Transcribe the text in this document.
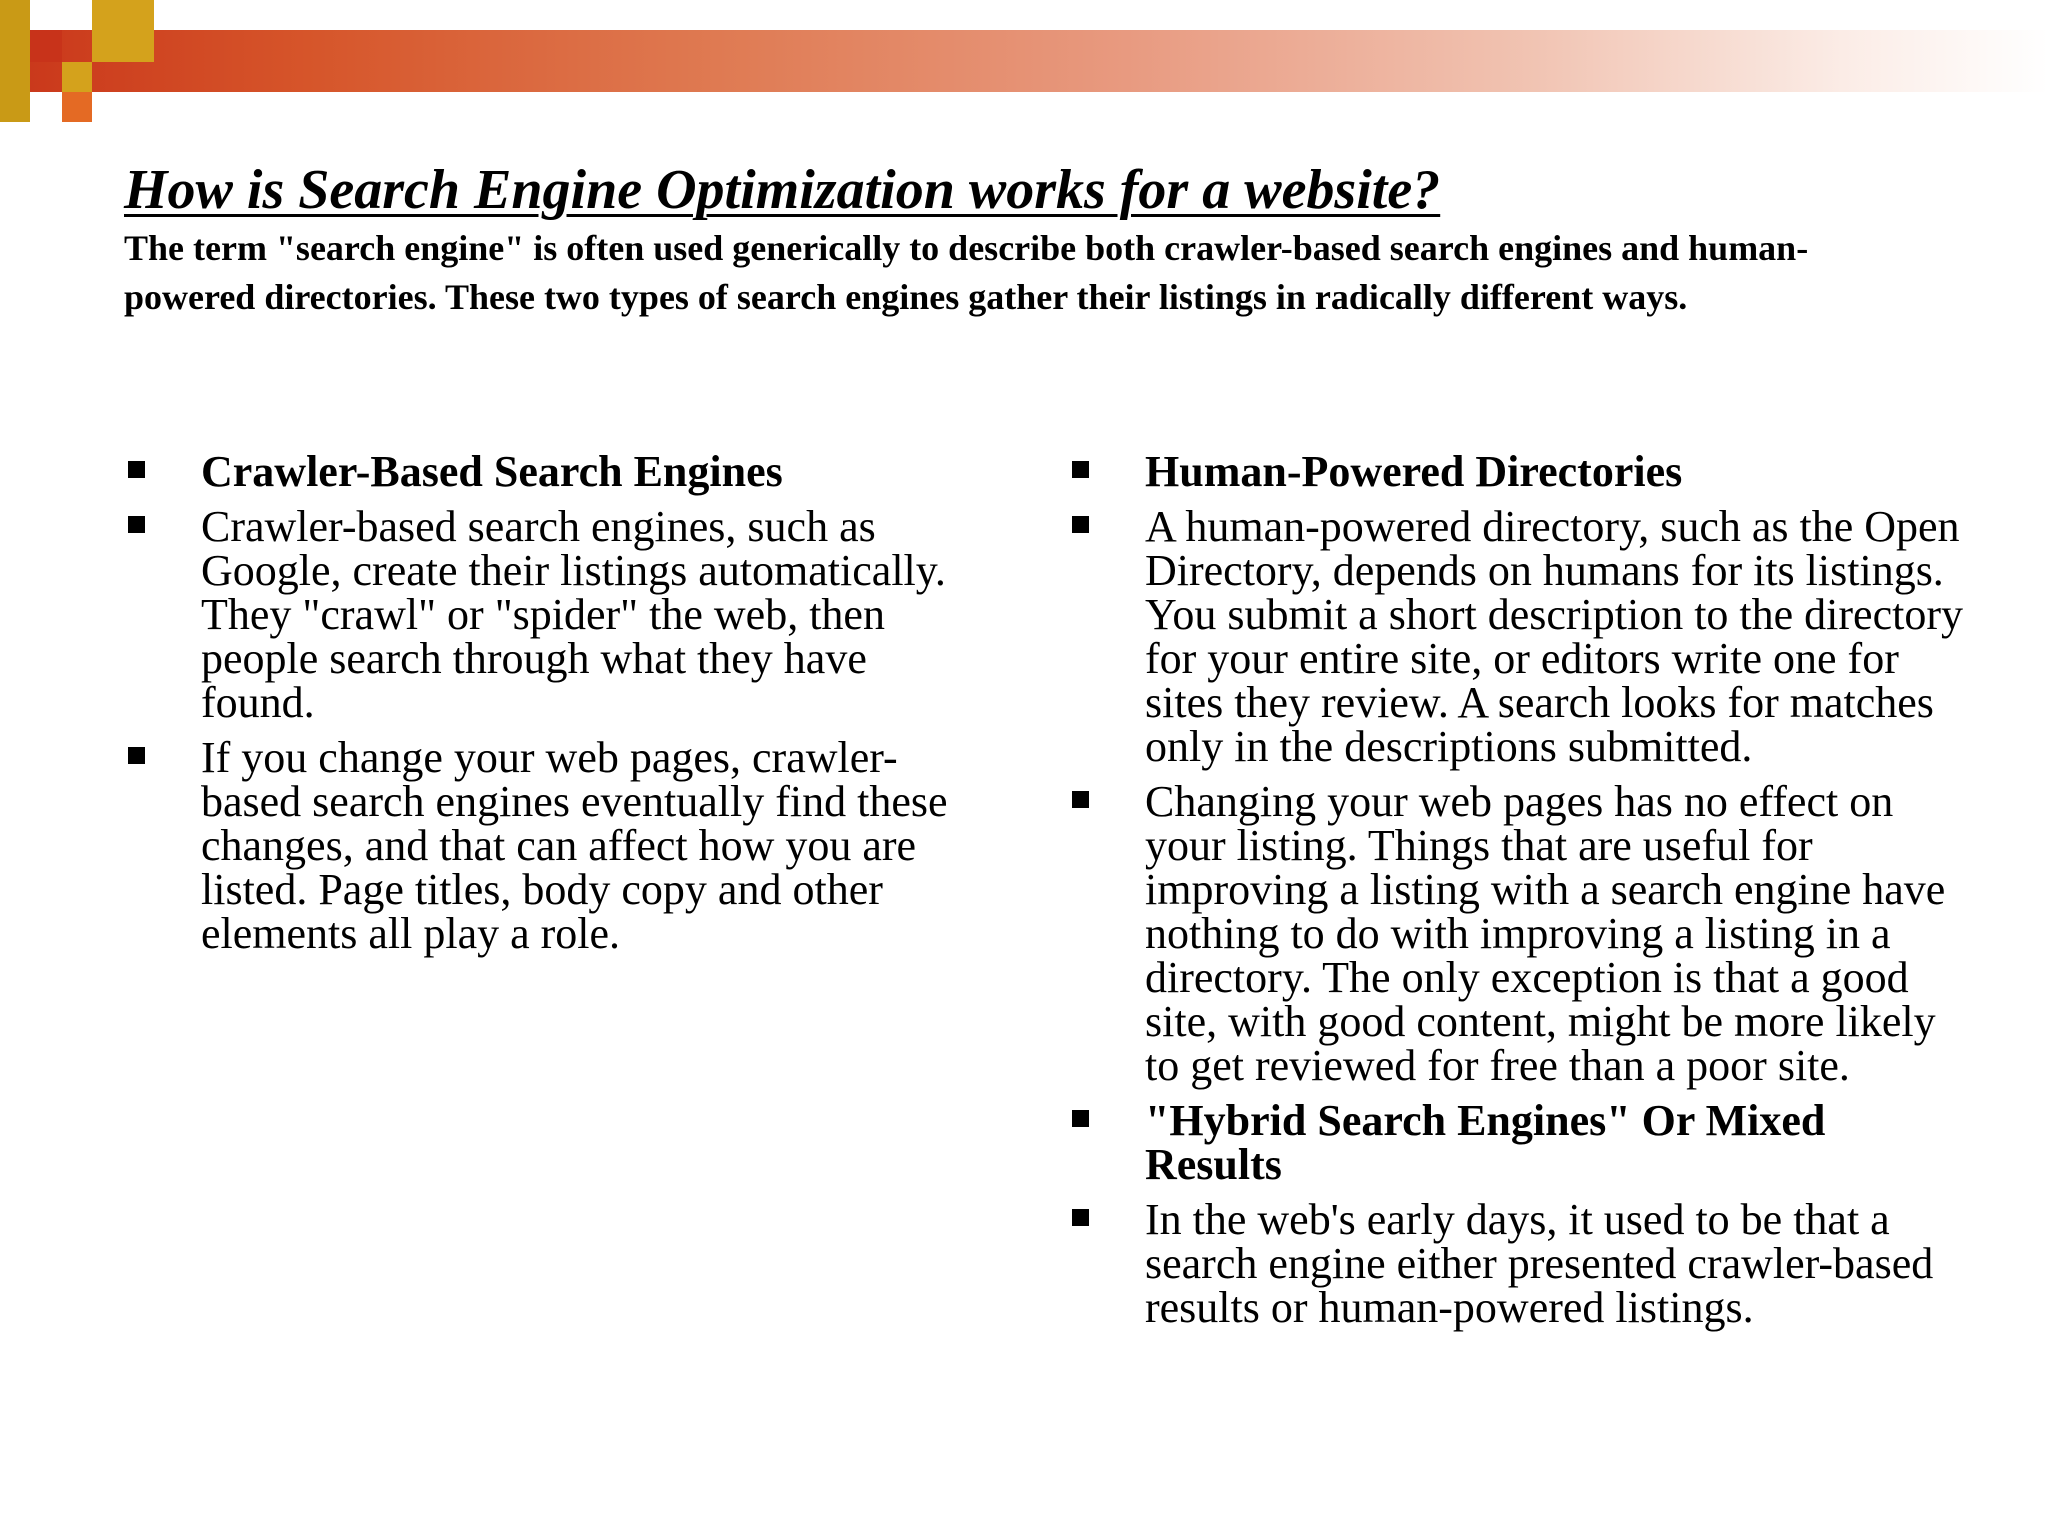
How is Search Engine Optimization works for a website?

The term "search engine" is often used generically to describe both crawler-based search engines and human-powered directories. These two types of search engines gather their listings in radically different ways.

Crawler-Based Search Engines
Crawler-based search engines, such as Google, create their listings automatically. They "crawl" or "spider" the web, then people search through what they have found.
If you change your web pages, crawler-based search engines eventually find these changes, and that can affect how you are listed. Page titles, body copy and other elements all play a role.
Human-Powered Directories
A human-powered directory, such as the Open Directory, depends on humans for its listings. You submit a short description to the directory for your entire site, or editors write one for sites they review. A search looks for matches only in the descriptions submitted.
Changing your web pages has no effect on your listing. Things that are useful for improving a listing with a search engine have nothing to do with improving a listing in a directory. The only exception is that a good site, with good content, might be more likely to get reviewed for free than a poor site.
"Hybrid Search Engines" Or Mixed Results
In the web's early days, it used to be that a search engine either presented crawler-based results or human-powered listings.
